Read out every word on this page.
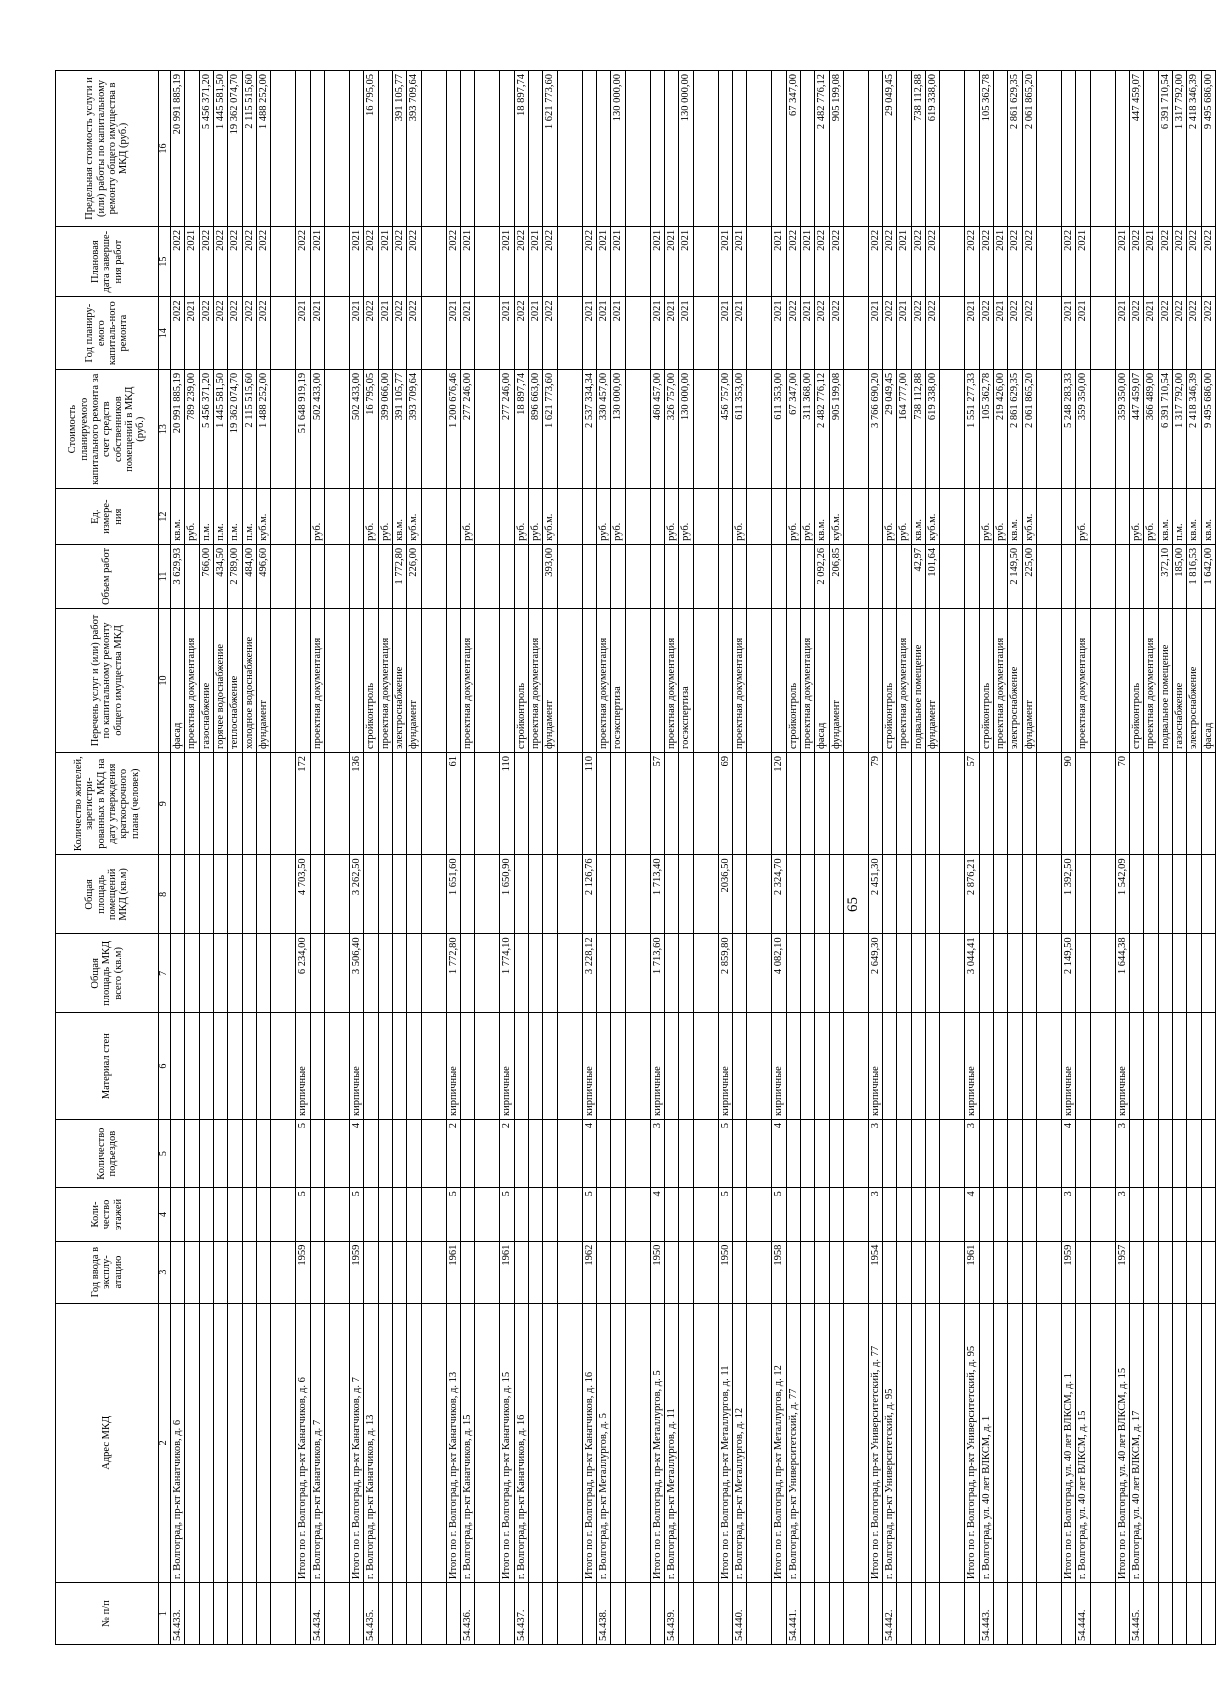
65
№ п/п	Адрес МКД	Год ввода в эксплу-атацию	Коли-чество этажей	Количество подъездов	Материал стен	Общая площадь МКД всего (кв.м)	Общая площадь помещений МКД (кв.м)	Количество жителей, зарегистри-рованных в МКД на дату утверждения краткосрочного плана (человек)	Перечень услуг и (или) работ по капитальному ремонту общего имущества МКД	Объем работ	Ед. измере-ния	Стоимость планируемого капитального ремонта за счет средств собственников помещений в МКД (руб.)	Год планиру-емого капиталь-ного ремонта	Плановая дата заверше-ния работ	Предельная стоимость услуги и (или) работы по капитальному ремонту общего имущества в МКД (руб.)
1	2	3	4	5	6	7	8	9	10	11	12	13	14	15	16
54.433.	г. Волгоград, пр-кт Канатчиков, д. 6								фасад	3 629,93	кв.м.	20 991 885,19	2022	2022	20 991 885,19
									проектная документация		руб.	789 239,00	2021	2021	
									газоснабжение	766,00	п.м.	5 456 371,20	2022	2022	5 456 371,20
									горячее водоснабжение	434,50	п.м.	1 445 581,50	2022	2022	1 445 581,50
									теплоснабжение	2 789,00	п.м.	19 362 074,70	2022	2022	19 362 074,70
									холодное водоснабжение	484,00	п.м.	2 115 515,60	2022	2022	2 115 515,60
									фундамент	496,60	куб.м.	1 488 252,00	2022	2022	1 488 252,00

	Итого по г. Волгоград, пр-кт Канатчиков, д. 6	1959	5	5	кирпичные	6 234,00	4 703,50	172				51 648 919,19	2021	2022	
54.434.	г. Волгоград, пр-кт Канатчиков, д. 7								проектная документация		руб.	502 433,00	2021	2021	

	Итого по г. Волгоград, пр-кт Канатчиков, д. 7	1959	5	4	кирпичные	3 506,40	3 262,50	136				502 433,00	2021	2021	
54.435.	г. Волгоград, пр-кт Канатчиков, д. 13								стройконтроль		руб.	16 795,05	2022	2022	16 795,05
									проектная документация		руб.	399 066,00	2021	2021	
									электроснабжение	1 772,80	кв.м.	391 105,77	2022	2022	391 105,77
									фундамент	226,00	куб.м.	393 709,64	2022	2022	393 709,64

	Итого по г. Волгоград, пр-кт Канатчиков, д. 13	1961	5	2	кирпичные	1 772,80	1 651,60	61				1 200 676,46	2021	2022	
54.436.	г. Волгоград, пр-кт Канатчиков, д. 15								проектная документация		руб.	277 246,00	2021	2021	

	Итого по г. Волгоград, пр-кт Канатчиков, д. 15	1961	5	2	кирпичные	1 774,10	1 650,90	110				277 246,00	2021	2021	
54.437.	г. Волгоград, пр-кт Канатчиков, д. 16								стройконтроль		руб.	18 897,74	2022	2022	18 897,74
									проектная документация		руб.	896 663,00	2021	2021	
									фундамент	393,00	куб.м.	1 621 773,60	2022	2022	1 621 773,60

	Итого по г. Волгоград, пр-кт Канатчиков, д. 16	1962	5	4	кирпичные	3 228,12	2 126,76	110				2 537 334,34	2021	2022	
54.438.	г. Волгоград, пр-кт Металлургов, д. 5								проектная документация		руб.	330 457,00	2021	2021	
									госэкспертиза		руб.	130 000,00	2021	2021	130 000,00

	Итого по г. Волгоград, пр-кт Металлургов, д. 5	1950	4	3	кирпичные	1 713,60	1 713,40	57				460 457,00	2021	2021	
54.439.	г. Волгоград, пр-кт Металлургов, д. 11								проектная документация		руб.	326 757,00	2021	2021	
									госэкспертиза		руб.	130 000,00	2021	2021	130 000,00

	Итого по г. Волгоград, пр-кт Металлургов, д. 11	1950	5	5	кирпичные	2 859,80	2036,50	69				456 757,00	2021	2021	
54.440.	г. Волгоград, пр-кт Металлургов, д. 12								проектная документация		руб.	611 353,00	2021	2021	

	Итого по г. Волгоград, пр-кт Металлургов, д. 12	1958	5	4	кирпичные	4 082,10	2 324,70	120				611 353,00	2021	2021	
54.441.	г. Волгоград, пр-кт Университетский, д. 77								стройконтроль		руб.	67 347,00	2022	2022	67 347,00
									проектная документация		руб.	311 368,00	2021	2021	
									фасад	2 092,26	кв.м.	2 482 776,12	2022	2022	2 482 776,12
									фундамент	206,85	куб.м.	905 199,08	2022	2022	905 199,08

	Итого по г. Волгоград, пр-кт Университетский, д. 77	1954	3	3	кирпичные	2 649,30	2 451,30	79				3 766 690,20	2021	2022	
54.442.	г. Волгоград, пр-кт Университетский, д. 95								стройконтроль		руб.	29 049,45	2022	2022	29 049,45
									проектная документация		руб.	164 777,00	2021	2021	
									подвальное помещение	42,97	кв.м.	738 112,88	2022	2022	738 112,88
									фундамент	101,64	куб.м.	619 338,00	2022	2022	619 338,00

	Итого по г. Волгоград, пр-кт Университетский, д. 95	1961	4	3	кирпичные	3 044,41	2 876,21	57				1 551 277,33	2021	2022	
54.443.	г. Волгоград, ул. 40 лет ВЛКСМ, д. 1								стройконтроль		руб.	105 362,78	2022	2022	105 362,78
									проектная документация		руб.	219 426,00	2021	2021	
									электроснабжение	2 149,50	кв.м.	2 861 629,35	2022	2022	2 861 629,35
									фундамент	225,00	куб.м.	2 061 865,20	2022	2022	2 061 865,20

	Итого по г. Волгоград, ул. 40 лет ВЛКСМ, д. 1	1959	3	4	кирпичные	2 149,50	1 392,50	90				5 248 283,33	2021	2022	
54.444.	г. Волгоград, ул. 40 лет ВЛКСМ, д. 15								проектная документация		руб.	359 350,00	2021	2021	

	Итого по г. Волгоград, ул. 40 лет ВЛКСМ, д. 15	1957	3	3	кирпичные	1 644,38	1 542,09	70				359 350,00	2021	2021	
54.445.	г. Волгоград, ул. 40 лет ВЛКСМ, д. 17								стройконтроль		руб.	447 459,07	2022	2022	447 459,07
									проектная документация		руб.	366 489,00	2021	2021	
									подвальное помещение	372,10	кв.м.	6 391 710,54	2022	2022	6 391 710,54
									газоснабжение	185,00	п.м.	1 317 792,00	2022	2022	1 317 792,00
									электроснабжение	1 816,53	кв.м.	2 418 346,39	2022	2022	2 418 346,39
									фасад	1 642,00	кв.м.	9 495 686,00	2022	2022	9 495 686,00
